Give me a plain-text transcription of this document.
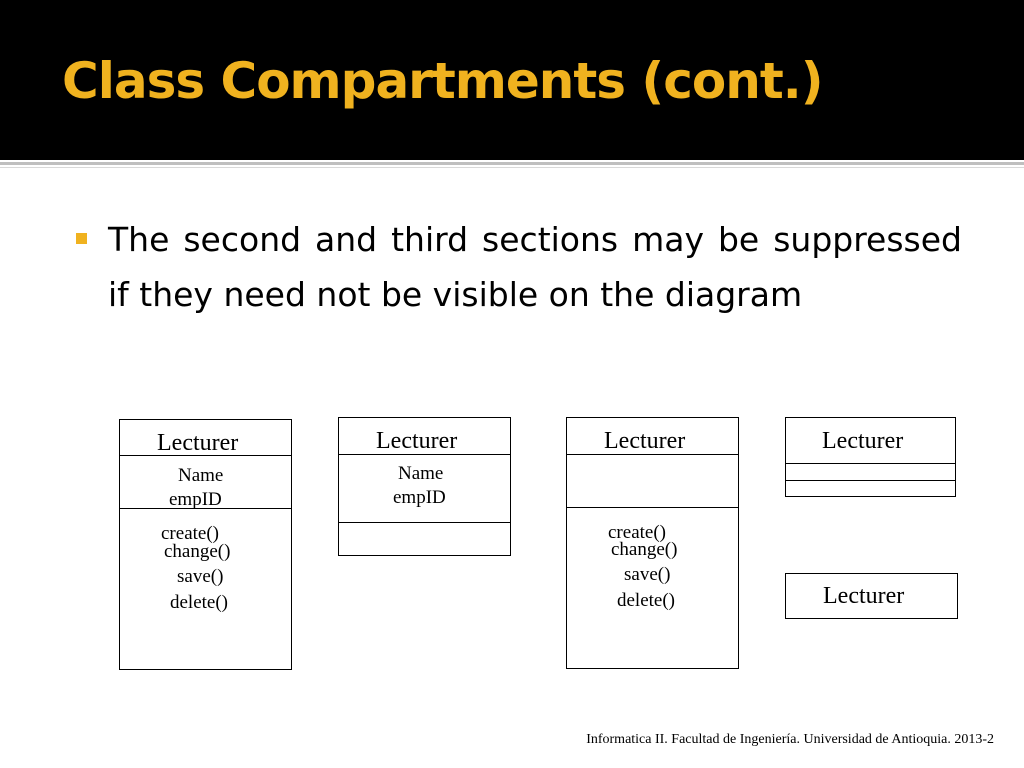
Class Compartments (cont.)

The second and third sections may be suppressed if they need not be visible on the diagram

Lecturer
Name
empID
create()
change()
save()
delete()
Lecturer
Name
empID
Lecturer
create()
change()
save()
delete()
Lecturer
Lecturer
Informatica II. Facultad de Ingeniería. Universidad de Antioquia. 2013-2
